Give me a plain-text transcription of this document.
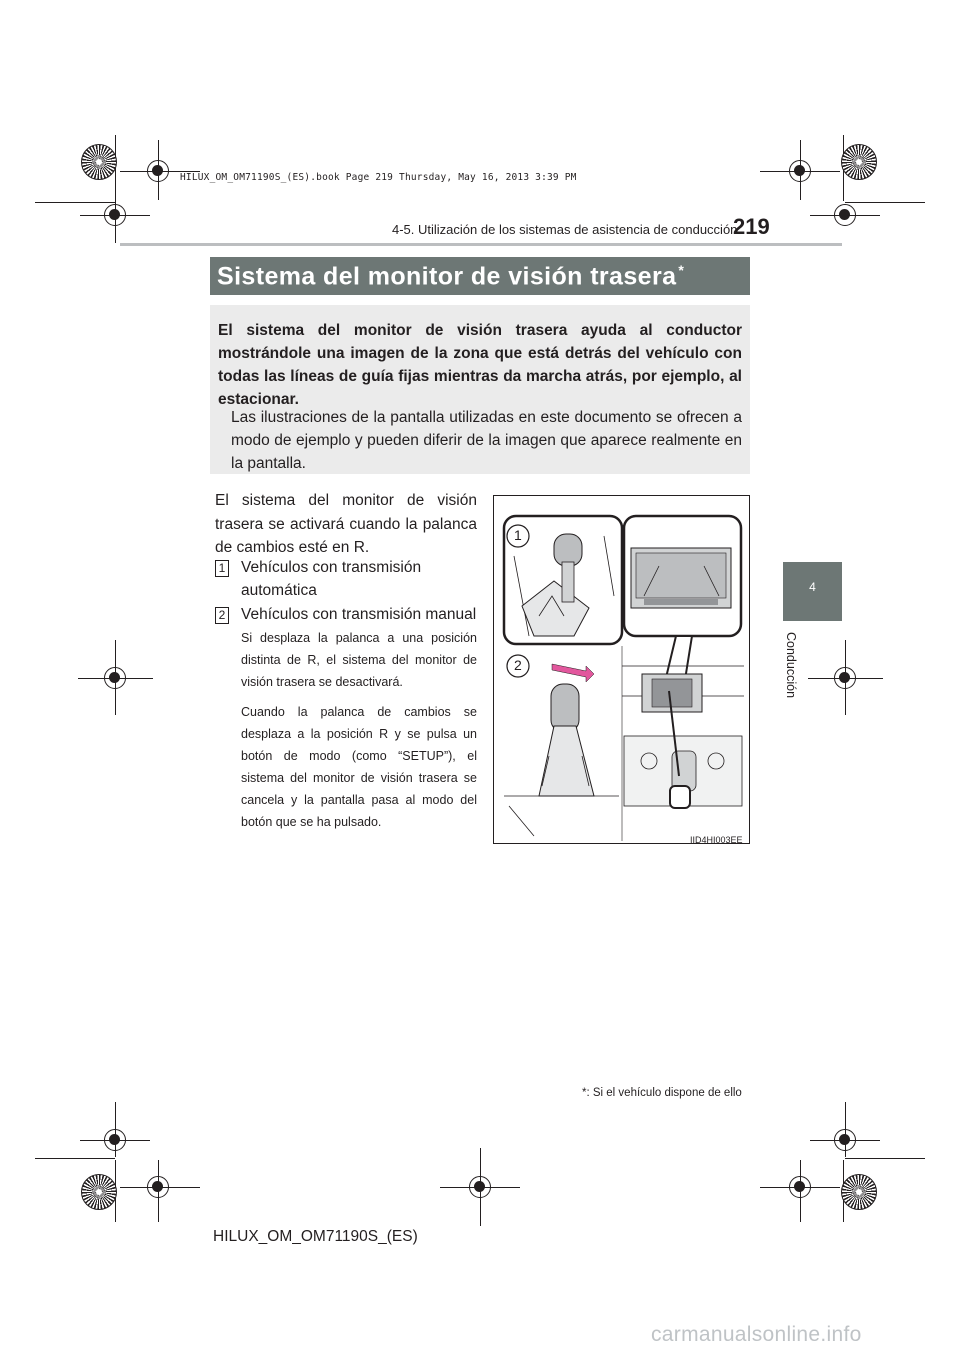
HILUX_OM_OM71190S_(ES).book Page 219 Thursday, May 16, 2013 3:39 PM
4-5. Utilización de los sistemas de asistencia de conducción
219
Sistema del monitor de visión trasera *
El sistema del monitor de visión trasera ayuda al conductor mostrándole una imagen de la zona que está detrás del vehículo con todas las líneas de guía fijas mientras da marcha atrás, por ejemplo, al estacionar.
Las ilustraciones de la pantalla utilizadas en este documento se ofrecen a modo de ejemplo y pueden diferir de la imagen que aparece realmente en la pantalla.
El sistema del monitor de visión trasera se activará cuando la palanca de cambios esté en R.
1 Vehículos con transmisión automática
2 Vehículos con transmisión manual
Si desplaza la palanca a una posición distinta de R, el sistema del monitor de visión trasera se desactivará.
Cuando la palanca de cambios se desplaza a la posición R y se pulsa un botón de modo (como “SETUP”), el sistema del monitor de visión trasera se cancela y la pantalla pasa al modo del botón que se ha pulsado.
1
2
IID4HI003EE
4
Conducción
*: Si el vehículo dispone de ello
HILUX_OM_OM71190S_(ES)
carmanualsonline.info
